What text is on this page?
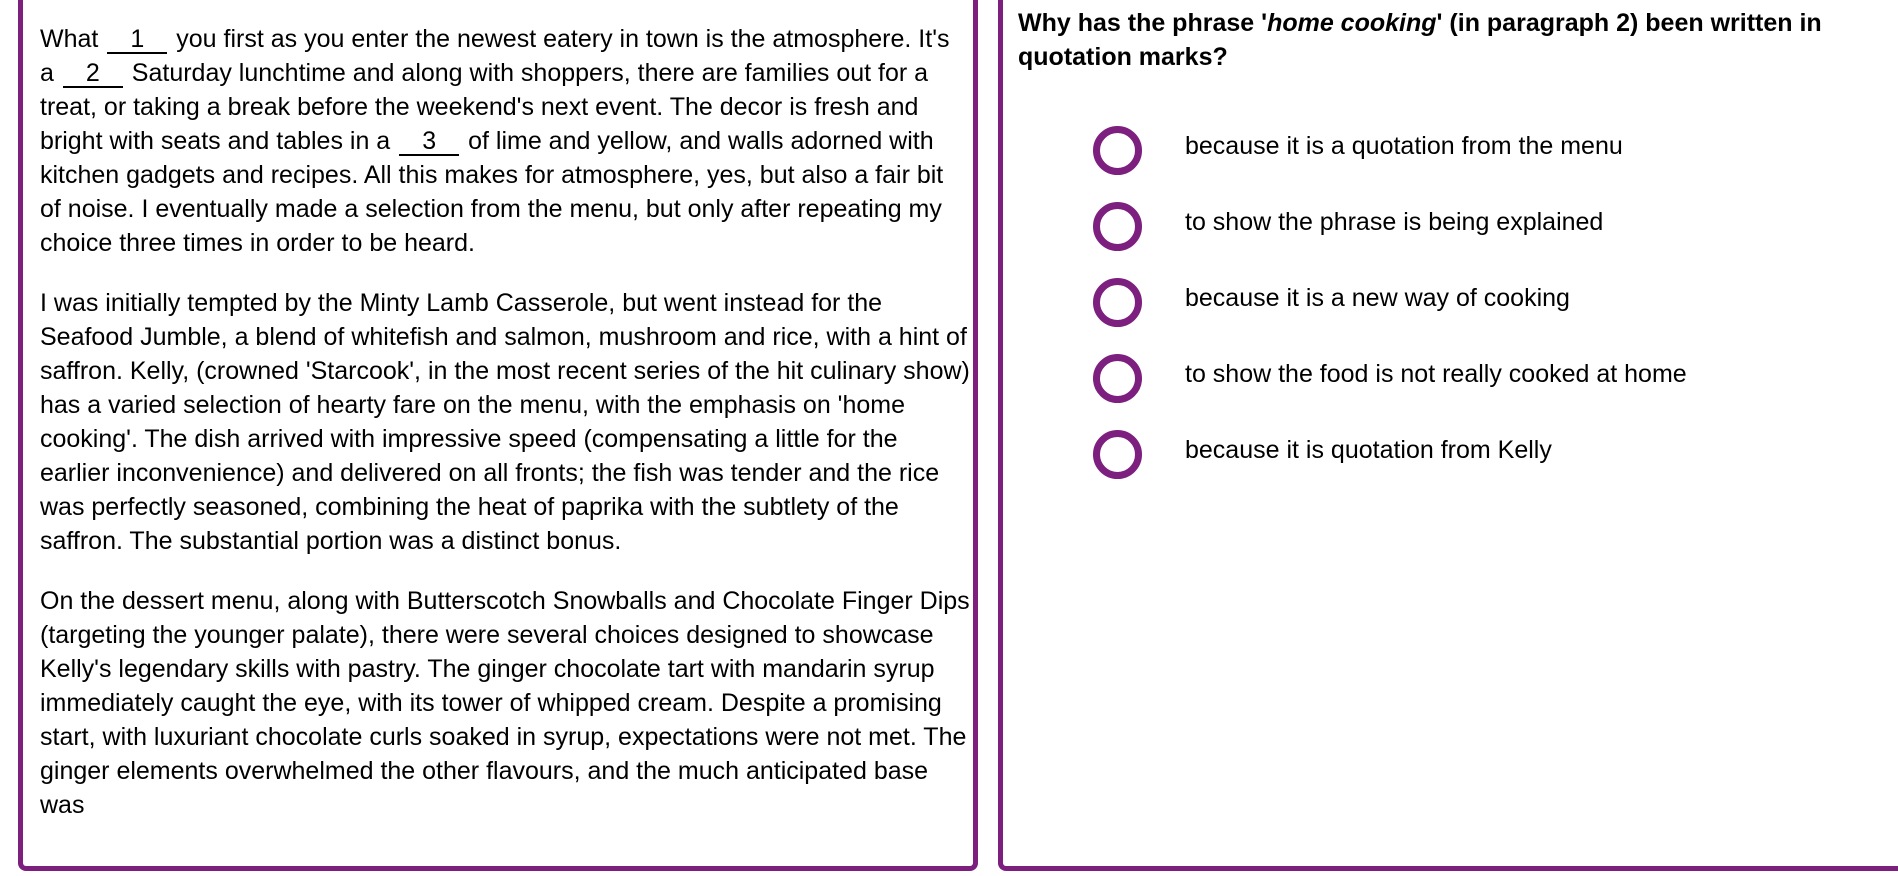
What 1 you first as you enter the newest eatery in town is the atmosphere. It's a 2 Saturday lunchtime and along with shoppers, there are families out for a treat, or taking a break before the weekend's next event. The decor is fresh and bright with seats and tables in a 3 of lime and yellow, and walls adorned with kitchen gadgets and recipes. All this makes for atmosphere, yes, but also a fair bit of noise. I eventually made a selection from the menu, but only after repeating my choice three times in order to be heard.

I was initially tempted by the Minty Lamb Casserole, but went instead for the Seafood Jumble, a blend of whitefish and salmon, mushroom and rice, with a hint of saffron. Kelly, (crowned 'Starcook', in the most recent series of the hit culinary show) has a varied selection of hearty fare on the menu, with the emphasis on 'home cooking'. The dish arrived with impressive speed (compensating a little for the earlier inconvenience) and delivered on all fronts; the fish was tender and the rice was perfectly seasoned, combining the heat of paprika with the subtlety of the saffron. The substantial portion was a distinct bonus.

On the dessert menu, along with Butterscotch Snowballs and Chocolate Finger Dips (targeting the younger palate), there were several choices designed to showcase Kelly's legendary skills with pastry. The ginger chocolate tart with mandarin syrup immediately caught the eye, with its tower of whipped cream. Despite a promising start, with luxuriant chocolate curls soaked in syrup, expectations were not met. The ginger elements overwhelmed the other flavours, and the much anticipated base was

Why has the phrase 'home cooking' (in paragraph 2) been written in quotation marks?
because it is a quotation from the menu
to show the phrase is being explained
because it is a new way of cooking
to show the food is not really cooked at home
because it is quotation from Kelly
